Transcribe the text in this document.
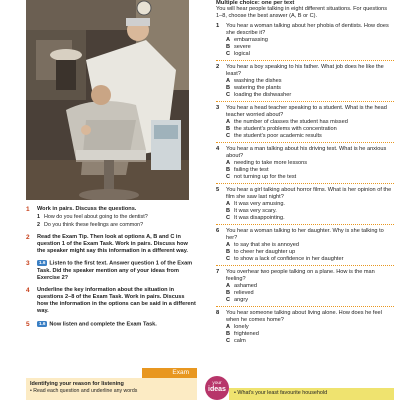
1	Work in pairs. Discuss the questions.
1 How do you feel about going to the dentist?
2 Do you think these feelings are common?
2	Read the Exam Tip. Then look at options A, B and C in question 1 of the Exam Task. Work in pairs. Discuss how the speaker might say this information in a different way.
3	1.6 Listen to the first text. Answer question 1 of the Exam Task. Did the speaker mention any of your ideas from Exercise 2?
4	Underline the key information about the situation in questions 2–8 of the Exam Task. Work in pairs. Discuss how the information in the options can be said in a different way.
5	1.6 Now listen and complete the Exam Task.
Exam
Identifying your reason for listening
• Read each question and underline any words
Multiple choice: one per text
You will hear people talking in eight different situations. For questions 1–8, choose the best answer (A, B or C).
1	You hear a woman talking about her phobia of dentists. How does she describe it?
A embarrassing
B severe
C logical
2	You hear a boy speaking to his father. What job does he like the least?
A washing the dishes
B watering the plants
C loading the dishwasher
3	You hear a head teacher speaking to a student. What is the head teacher worried about?
A the number of classes the student has missed
B the student's problems with concentration
C the student's poor academic results
4	You hear a man talking about his driving test. What is he anxious about?
A needing to take more lessons
B failing the test
C not turning up for the test
5	You hear a girl talking about horror films. What is her opinion of the film she saw last night?
A It was very amusing.
B It was very scary.
C It was disappointing.
6	You hear a woman talking to her daughter. Why is she talking to her?
A to say that she is annoyed
B to cheer her daughter up
C to show a lack of confidence in her daughter
7	You overhear two people talking on a plane. How is the man feeling?
A ashamed
B relieved
C angry
8	You hear someone talking about living alone. How does he feel when he comes home?
A lonely
B frightened
C calm
your
ideas	• What's your least favourite household
